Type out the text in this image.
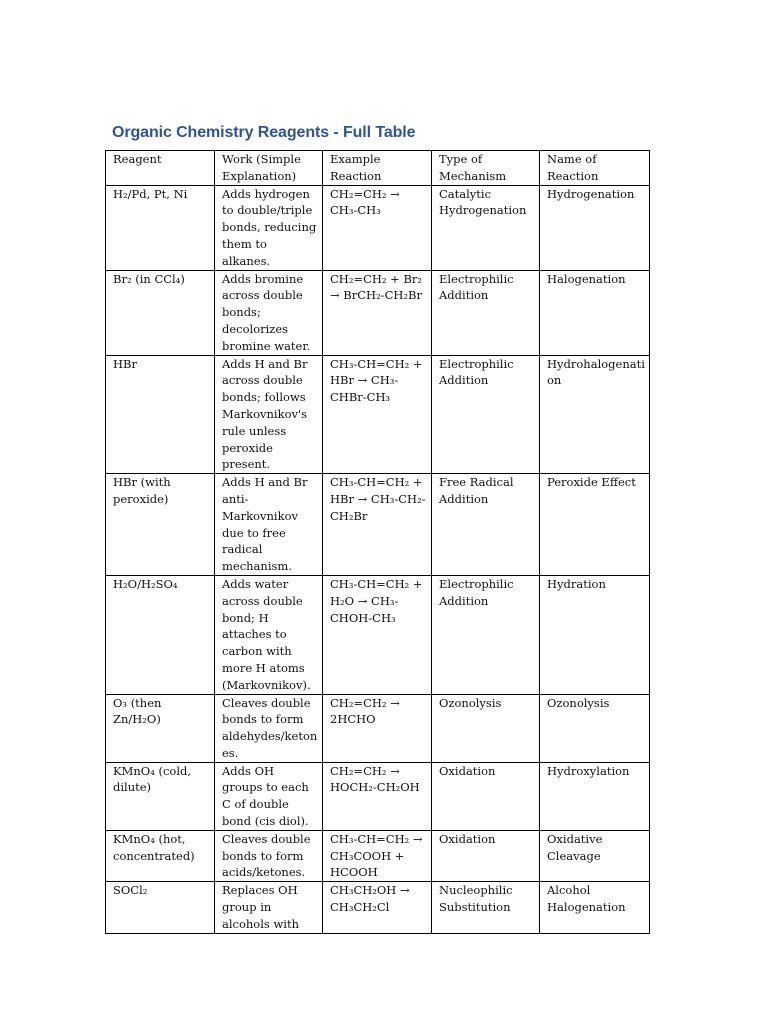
Organic Chemistry Reagents - Full Table
Reagent	Work (Simple Explanation)	Example Reaction	Type of Mechanism	Name of Reaction
H₂/Pd, Pt, Ni	Adds hydrogen to double/triple bonds, reducing them to alkanes.	CH₂=CH₂ → CH₃-CH₃	Catalytic Hydrogenation	Hydrogenation
Br₂ (in CCl₄)	Adds bromine across double bonds; decolorizes bromine water.	CH₂=CH₂ + Br₂ → BrCH₂-CH₂Br	Electrophilic Addition	Halogenation
HBr	Adds H and Br across double bonds; follows Markovnikov's rule unless peroxide present.	CH₃-CH=CH₂ + HBr → CH₃-CHBr-CH₃	Electrophilic Addition	Hydrohalogenation
HBr (with peroxide)	Adds H and Br anti-Markovnikov due to free radical mechanism.	CH₃-CH=CH₂ + HBr → CH₃-CH₂-CH₂Br	Free Radical Addition	Peroxide Effect
H₂O/H₂SO₄	Adds water across double bond; H attaches to carbon with more H atoms (Markovnikov).	CH₃-CH=CH₂ + H₂O → CH₃-CHOH-CH₃	Electrophilic Addition	Hydration
O₃ (then Zn/H₂O)	Cleaves double bonds to form aldehydes/ketones.	CH₂=CH₂ → 2HCHO	Ozonolysis	Ozonolysis
KMnO₄ (cold, dilute)	Adds OH groups to each C of double bond (cis diol).	CH₂=CH₂ → HOCH₂-CH₂OH	Oxidation	Hydroxylation
KMnO₄ (hot, concentrated)	Cleaves double bonds to form acids/ketones.	CH₃-CH=CH₂ → CH₃COOH + HCOOH	Oxidation	Oxidative Cleavage
SOCl₂	Replaces OH group in alcohols with	CH₃CH₂OH → CH₃CH₂Cl	Nucleophilic Substitution	Alcohol Halogenation
